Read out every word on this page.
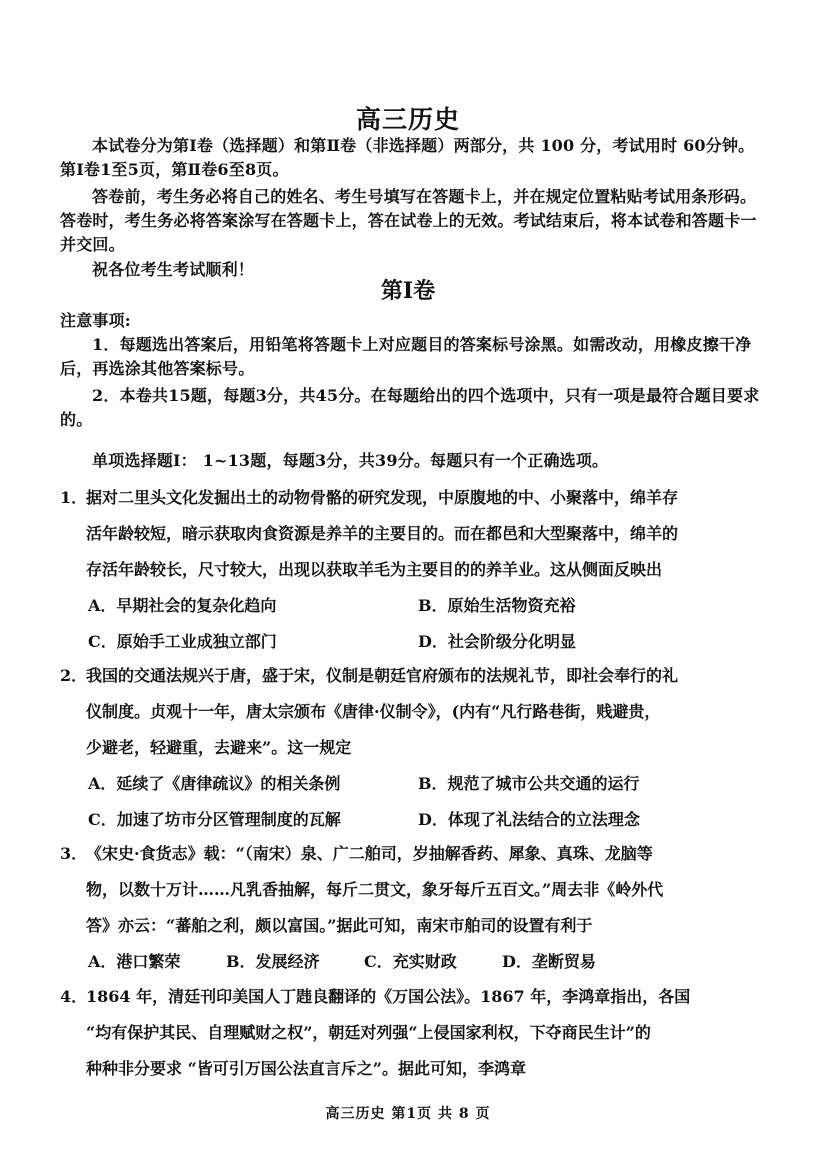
高三历史
本试卷分为第Ⅰ卷（选择题）和第Ⅱ卷（非选择题）两部分，共 100 分，考试用时 60分钟。第Ⅰ卷1至5页，第Ⅱ卷6至8页。
答卷前，考生务必将自己的姓名、考生号填写在答题卡上，并在规定位置粘贴考试用条形码。答卷时，考生务必将答案涂写在答题卡上，答在试卷上的无效。考试结束后，将本试卷和答题卡一并交回。
祝各位考生考试顺利！
第Ⅰ卷
注意事项:
1．每题选出答案后，用铅笔将答题卡上对应题目的答案标号涂黑。如需改动，用橡皮擦干净后，再选涂其他答案标号。
2．本卷共15题，每题3分，共45分。在每题给出的四个选项中，只有一项是最符合题目要求的。
单项选择题Ⅰ： 1~13题，每题3分，共39分。每题只有一个正确选项。
1．据对二里头文化发掘出土的动物骨骼的研究发现，中原腹地的中、小聚落中，绵羊存
活年龄较短，暗示获取肉食资源是养羊的主要目的。而在都邑和大型聚落中，绵羊的
存活年龄较长，尺寸较大，出现以获取羊毛为主要目的的养羊业。这从侧面反映出
A．早期社会的复杂化趋向	B．原始生活物资充裕
C．原始手工业成独立部门	D．社会阶级分化明显
2．我国的交通法规兴于唐，盛于宋，仪制是朝廷官府颁布的法规礼节，即社会奉行的礼
仪制度。贞观十一年，唐太宗颁布《唐律·仪制令》，(内有“凡行路巷街，贱避贵，
少避老，轻避重，去避来”。这一规定
A．延续了《唐律疏议》的相关条例	B．规范了城市公共交通的运行
C．加速了坊市分区管理制度的瓦解	D．体现了礼法结合的立法理念
3．《宋史·食货志》载：“（南宋）泉、广二舶司，岁抽解香药、犀象、真珠、龙脑等
物，以数十万计……凡乳香抽解，每斤二贯文，象牙每斤五百文。”周去非《岭外代
答》亦云：“蕃舶之利，颇以富国。”据此可知，南宋市舶司的设置有利于
A．港口繁荣	B．发展经济	C．充实财政	D．垄断贸易
4．1864 年，清廷刊印美国人丁韪良翻译的《万国公法》。1867 年，李鸿章指出，各国
“均有保护其民、自理赋财之权”，朝廷对列强“上侵国家利权，下夺商民生计”的
种种非分要求 “皆可引万国公法直言斥之”。据此可知，李鸿章
高三历史 第1页 共 8 页
